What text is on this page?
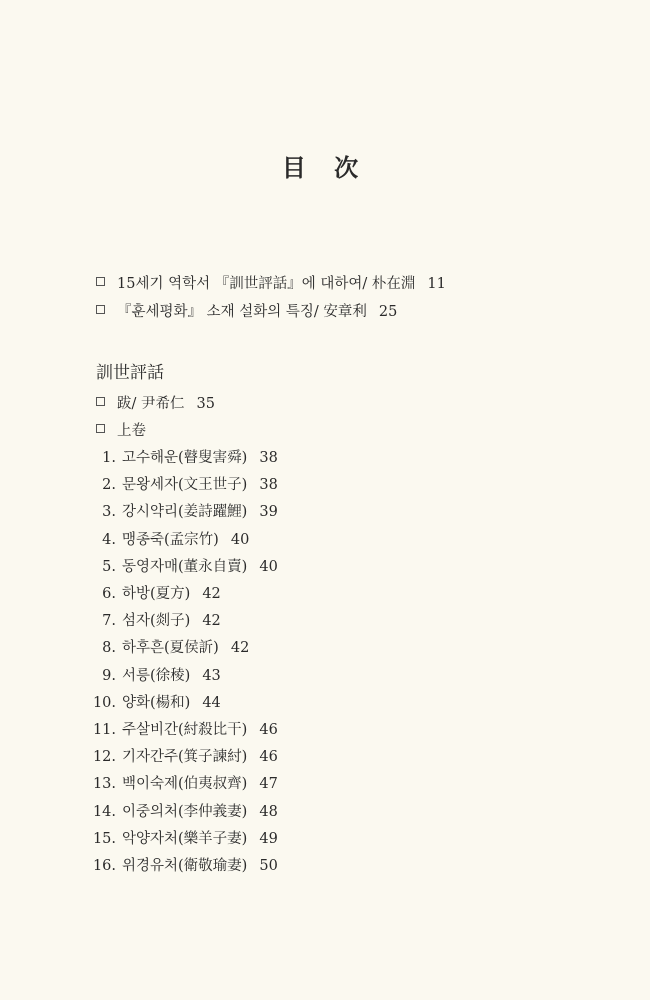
目 次
15세기 역학서 『訓世評話』에 대하여/ 朴在淵 11
『훈세평화』 소재 설화의 특징/ 安章利 25
訓世評話
跋/ 尹希仁 35
上卷
1. 고수해운(瞽叟害舜) 38
2. 문왕세자(文王世子) 38
3. 강시약리(姜詩躍鯉) 39
4. 맹종죽(孟宗竹) 40
5. 동영자매(董永自賣) 40
6. 하방(夏方) 42
7. 섬자(剡子) 42
8. 하후흔(夏侯訢) 42
9. 서릉(徐稜) 43
10. 양화(楊和) 44
11. 주살비간(紂殺比干) 46
12. 기자간주(箕子諫紂) 46
13. 백이숙제(伯夷叔齊) 47
14. 이중의처(李仲義妻) 48
15. 악양자처(樂羊子妻) 49
16. 위경유처(衛敬瑜妻) 50
